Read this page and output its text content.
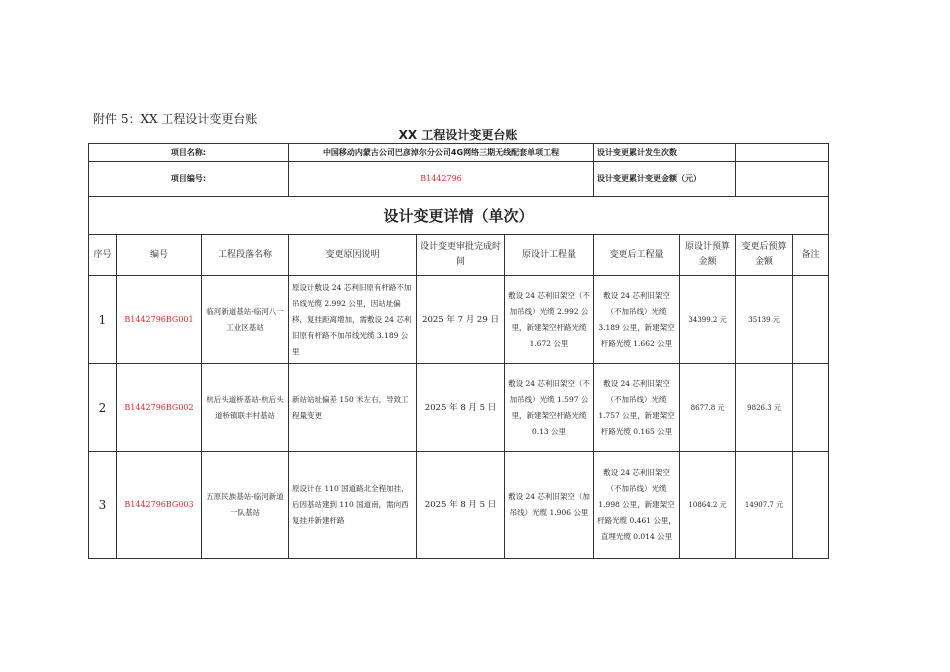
附件 5：XX 工程设计变更台账
XX 工程设计变更台账
项目名称:			中国移动内蒙古公司巴彦淖尔分公司4G网络三期无线配套单项工程			设计变更累计发生次数			
项目编号:			B1442796			设计变更累计变更金额（元）			
设计变更详情（单次）									
序号	编号	工程段落名称	变更原因说明	设计变更审批完成时间	原设计工程量	变更后工程量	原设计预算金额	变更后预算金额	备注
1	B1442796BG001	临河新道基站-临河八一工业区基站	原设计敷设 24 芯利旧原有杆路不加吊线光缆 2.992 公里，因站址偏移，复挂距离增加，需敷设 24 芯利旧原有杆路不加吊线光缆 3.189 公里	2025 年 7 月 29 日	敷设 24 芯利旧架空（不加吊线）光缆 2.992 公里，新建架空杆路光缆 1.672 公里	敷设 24 芯利旧架空（不加吊线）光缆 3.189 公里，新建架空杆路光缆 1.662 公里	34399.2 元	35139 元	
2	B1442796BG002	杭后头道桥基站-杭后头道桥镇联丰村基站	新站站址偏差 150 米左右，导致工程量变更	2025 年 8 月 5 日	敷设 24 芯利旧架空（不加吊线）光缆 1.597 公里，新建架空杆路光缆 0.13 公里	敷设 24 芯利旧架空（不加吊线）光缆 1.757 公里，新建架空杆路光缆 0.165 公里	8677.8 元	9826.3 元	
3	B1442796BG003	五原民族基站-临河新道一队基站	原设计在 110 国道路北全程加挂，后因基站建到 110 国道南，需向西复挂并新建杆路	2025 年 8 月 5 日	敷设 24 芯利旧架空（加吊线）光缆 1.906 公里	敷设 24 芯利旧架空（不加吊线）光缆 1.998 公里，新建架空杆路光缆 0.461 公里，直埋光缆 0.014 公里	10864.2 元	14907.7 元	
